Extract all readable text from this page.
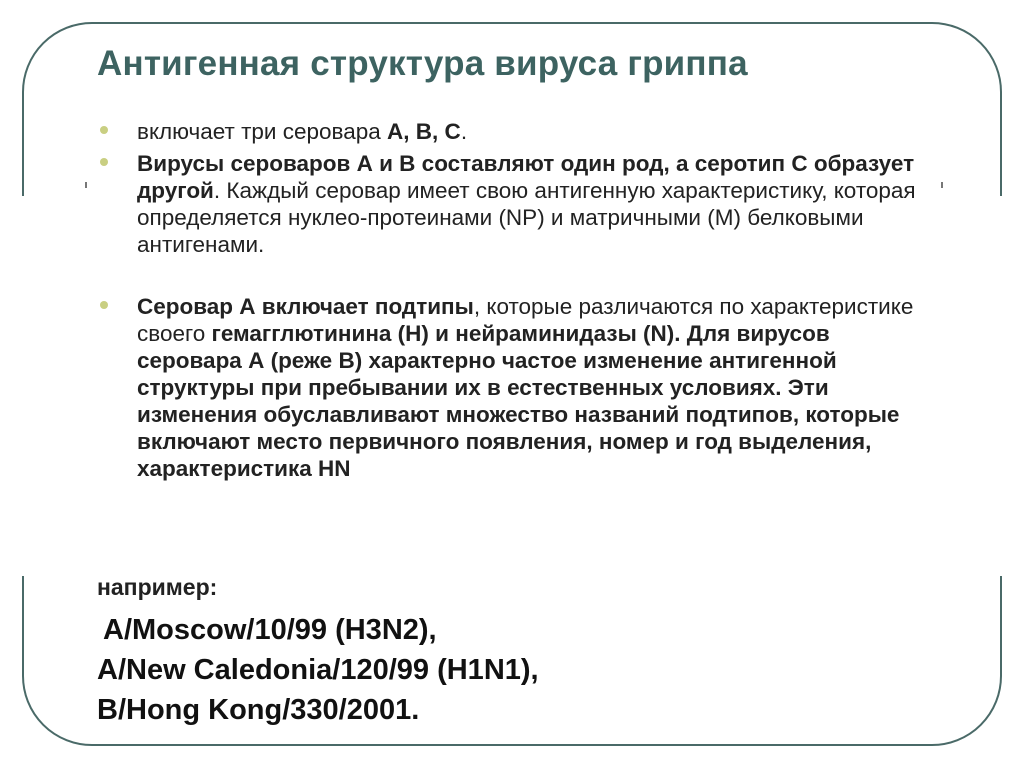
Антигенная структура вируса гриппа
включает три серовара А, В, С.
Вирусы сероваров А и В составляют один род, а серотип С образует другой. Каждый серовар имеет свою антигенную характеристику, которая определяется нуклео-протеинами (NP) и матричными (М) белковыми антигенами.
Серовар А включает подтипы, которые различаются по характеристике своего гемагглютинина (Н) и нейраминидазы (N). Для вирусов серовара А (реже В) характерно частое изменение антигенной структуры при пребывании их в естественных условиях. Эти изменения обуславливают множество названий подтипов, которые включают место первичного появления, номер и год выделения, характеристика HN
например:
A/Moscow/10/99 (H3N2),
A/New Caledonia/120/99 (H1N1),
B/Hong Kong/330/2001.
